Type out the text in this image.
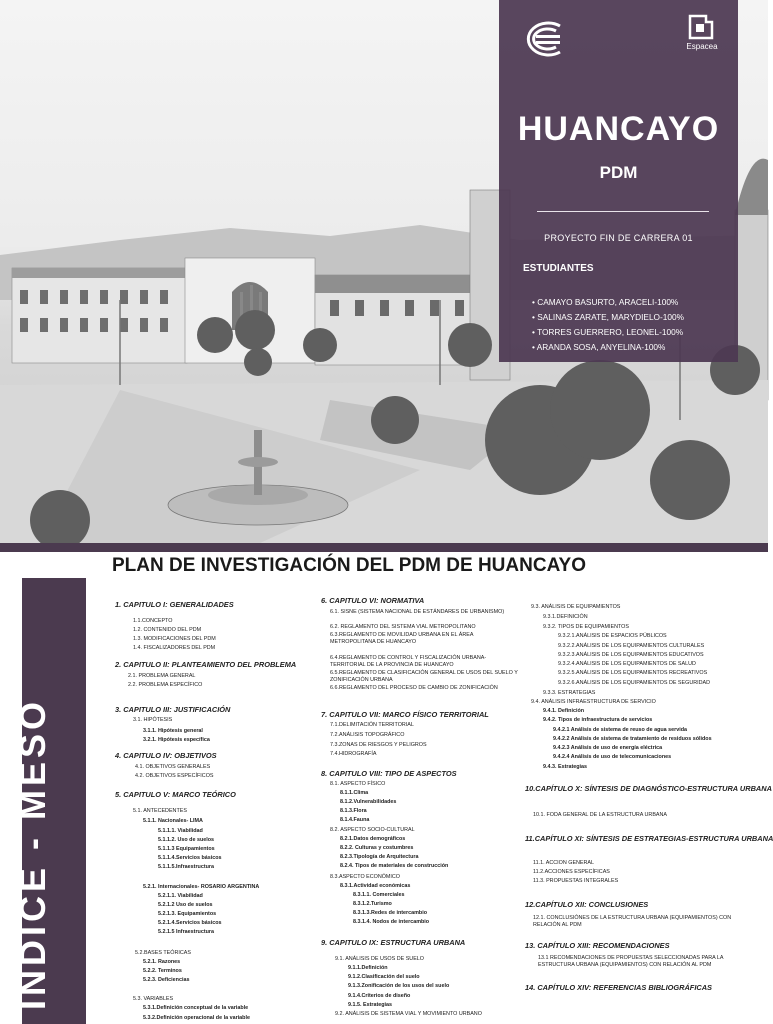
Espacea
HUANCAYO
PDM
PROYECTO FIN DE CARRERA 01
ESTUDIANTES
• CAMAYO BASURTO, ARACELI-100%
• SALINAS ZARATE, MARYDIELO-100%
• TORRES GUERRERO, LEONEL-100%
• ARANDA SOSA, ANYELINA-100%
ÍNDICE - MESO
PLAN DE INVESTIGACIÓN DEL PDM DE HUANCAYO
1. CAPITULO I: GENERALIDADES
1.1.CONCEPTO
1.2. CONTENIDO DEL PDM
1.3. MODIFICACIONES DEL PDM
1.4. FISCALIZADORES DEL PDM
2. CAPITULO II: PLANTEAMIENTO DEL PROBLEMA
2.1. PROBLEMA GENERAL
2.2. PROBLEMA ESPECÍFICO
3. CAPITULO III: JUSTIFICACIÓN
3.1. HIPÓTESIS
3.1.1. Hipótesis general
3.2.1. Hipótesis específica
4. CAPITULO IV: OBJETIVOS
4.1. OBJETIVOS GENERALES
4.2. OBJETIVOS ESPECÍFICOS
5. CAPITULO V: MARCO TEÓRICO
5.1. ANTECEDENTES
5.1.1. Nacionales- LIMA
5.1.1.1. Viabilidad
5.1.1.2. Uso de suelos
5.1.1.3 Equipamientos
5.1.1.4.Servicios básicos
5.1.1.5.Infraestructura
5.2.1. Internacionales- ROSARIO ARGENTINA
5.2.1.1. Viabilidad
5.2.1.2 Uso de suelos
5.2.1.3. Equipamientos
5.2.1.4.Servicios básicos
5.2.1.5 Infraestructura
5.2.BASES TEÓRICAS
5.2.1. Razones
5.2.2. Terminos
5.2.3. Deficiencias
5.3. VARIABLES
5.3.1.Definición conceptual de la variable
5.3.2.Definición operacional de la variable
6. CAPITULO VI: NORMATIVA
6.1. SISNE (SISTEMA NACIONAL DE ESTÁNDARES DE URBANISMO)
6.2. REGLAMENTO DEL SISTEMA VIAL METROPOLITANO
6.3.REGLAMENTO DE MOVILIDAD URBANA EN EL ÁREA METROPOLITANA DE HUANCAYO
6.4.REGLAMENTO DE CONTROL Y FISCALIZACIÓN URBANA-TERRITORIAL DE LA PROVINCIA DE HUANCAYO
6.5.REGLAMENTO DE CLASIFICACIÓN GENERAL DE USOS DEL SUELO Y ZONIFICACIÓN URBANA
6.6.REGLAMENTO DEL PROCESO DE CAMBIO DE ZONIFICACIÓN
7. CAPITULO VII: MARCO FÍSICO TERRITORIAL
7.1.DELIMITACIÓN TERRITORIAL
7.2.ANÁLISIS TOPOGRÁFICO
7.3.ZONAS DE RIESGOS Y PELIGROS
7.4.HIDROGRAFÍA
8. CAPITULO VIII: TIPO DE ASPECTOS
8.1. ASPECTO FÍSICO
8.1.1.Clima
8.1.2.Vulnerabilidades
8.1.3.Flora
8.1.4.Fauna
8.2. ASPECTO SOCIO-CULTURAL
8.2.1.Datos demográficos
8.2.2. Culturas y costumbres
8.2.3.Tipología de Arquitectura
8.2.4. Tipos de materiales de construcción
8.3.ASPECTO ECONÓMICO
8.3.1.Actividad económicas
8.3.1.1. Comerciales
8.3.1.2.Turismo
8.3.1.3.Redes de intercambio
8.3.1.4. Nodos de intercambio
9. CAPITULO IX: ESTRUCTURA URBANA
9.1. ANÁLISIS DE USOS DE SUELO
9.1.1.Definición
9.1.2.Clasificación del suelo
9.1.3.Zonificación de los usos del suelo
9.1.4.Criterios de diseño
9.1.5. Estrategias
9.2. ANÁLISIS DE SISTEMA VIAL Y MOVIMIENTO URBANO
9.3. ANÁLISIS DE EQUIPAMIENTOS
9.3.1.DEFINICIÓN
9.3.2. TIPOS DE EQUIPAMIENTOS
9.3.2.1.ANÁLISIS DE ESPACIOS PÚBLICOS
9.3.2.2.ANÁLISIS DE LOS EQUIPAMIENTOS CULTURALES
9.3.2.3.ANÁLISIS DE LOS EQUIPAMIENTOS EDUCATIVOS
9.3.2.4.ANÁLISIS DE LOS EQUIPAMIENTOS DE SALUD
9.3.2.5.ANÁLISIS DE LOS EQUIPAMIENTOS RECREATIVOS
9.3.2.6.ANÁLISIS DE LOS EQUIPAMIENTOS DE SEGURIDAD
9.3.3. ESTRATEGIAS
9.4. ANÁLISIS INFRAESTRUCTURA DE SERVICIO
9.4.1. Definición
9.4.2. Tipos de infraestructura de servicios
9.4.2.1 Análisis de sistema de reuso de agua servida
9.4.2.2 Análisis de sistema de tratamiento de residuos sólidos
9.4.2.3 Análisis de uso de energía eléctrica
9.4.2.4 Análisis de uso de telecomunicaciones
9.4.3. Estrategias
10.CAPÍTULO X: SÍNTESIS DE DIAGNÓSTICO-ESTRUCTURA URBANA
10.1. FODA GENERAL DE LA ESTRUCTURA URBANA
11.CAPÍTULO XI: SÍNTESIS DE ESTRATEGIAS-ESTRUCTURA URBANA
11.1. ACCION GENERAL
11.2.ACCIONES ESPECÍFICAS
11.3. PROPUESTAS INTEGRALES
12.CAPÍTULO XII: CONCLUSIONES
12.1. CONCLUSIÓNES DE LA ESTRUCTURA URBANA (EQUIPAMIENTOS) CON RELACIÓN AL PDM
13. CAPÍTULO XIII: RECOMENDACIONES
13.1 RECOMENDACIONES DE PROPUESTAS SELECCIONADAS PARA LA ESTRUCTURA URBANA (EQUIPAMIENTOS) CON RELACIÓN AL PDM
14. CAPÍTULO XIV: REFERENCIAS BIBLIOGRÁFICAS
